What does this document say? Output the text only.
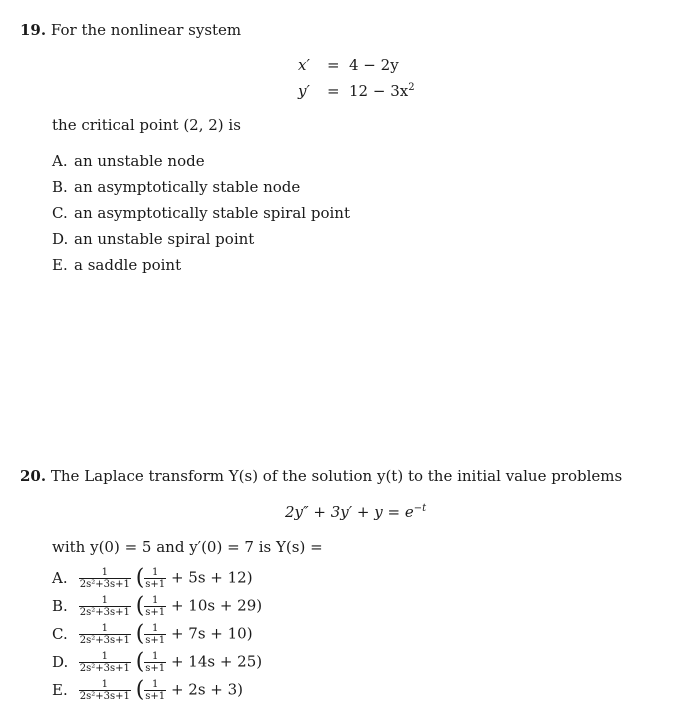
19. For the nonlinear system
x′ = 4 − 2y
$y' = 12 - 3x^2$
the critical point (2, 2) is
A. an unstable node
B. an asymptotically stable node
C. an asymptotically stable spiral point
D. an unstable spiral point
E. a saddle point
20. The Laplace transform Y(s) of the solution y(t) to the initial value problems
$2y'' + 3y' + y = e^{-t}$
with y(0) = 5 and y′(0) = 7 is Y(s) =
A. $\frac{1}{\text{2s²+3s+1}}$ ( $\frac{1}{s+1} + 5s + 12$)
B. $\frac{1}{\text{2s²+3s+1}}$ ( $\frac{1}{s+1} + 10s + 29$)
C. $\frac{1}{\text{2s²+3s+1}}$ ( $\frac{1}{s+1} + 7s + 10$)
D. $\frac{1}{\text{2s²+3s+1}}$ ( $\frac{1}{s+1} + 14s + 25$)
E. $\frac{1}{\text{2s²+3s+1}}$ ( $\frac{1}{s+1} + 2s + 3$)
